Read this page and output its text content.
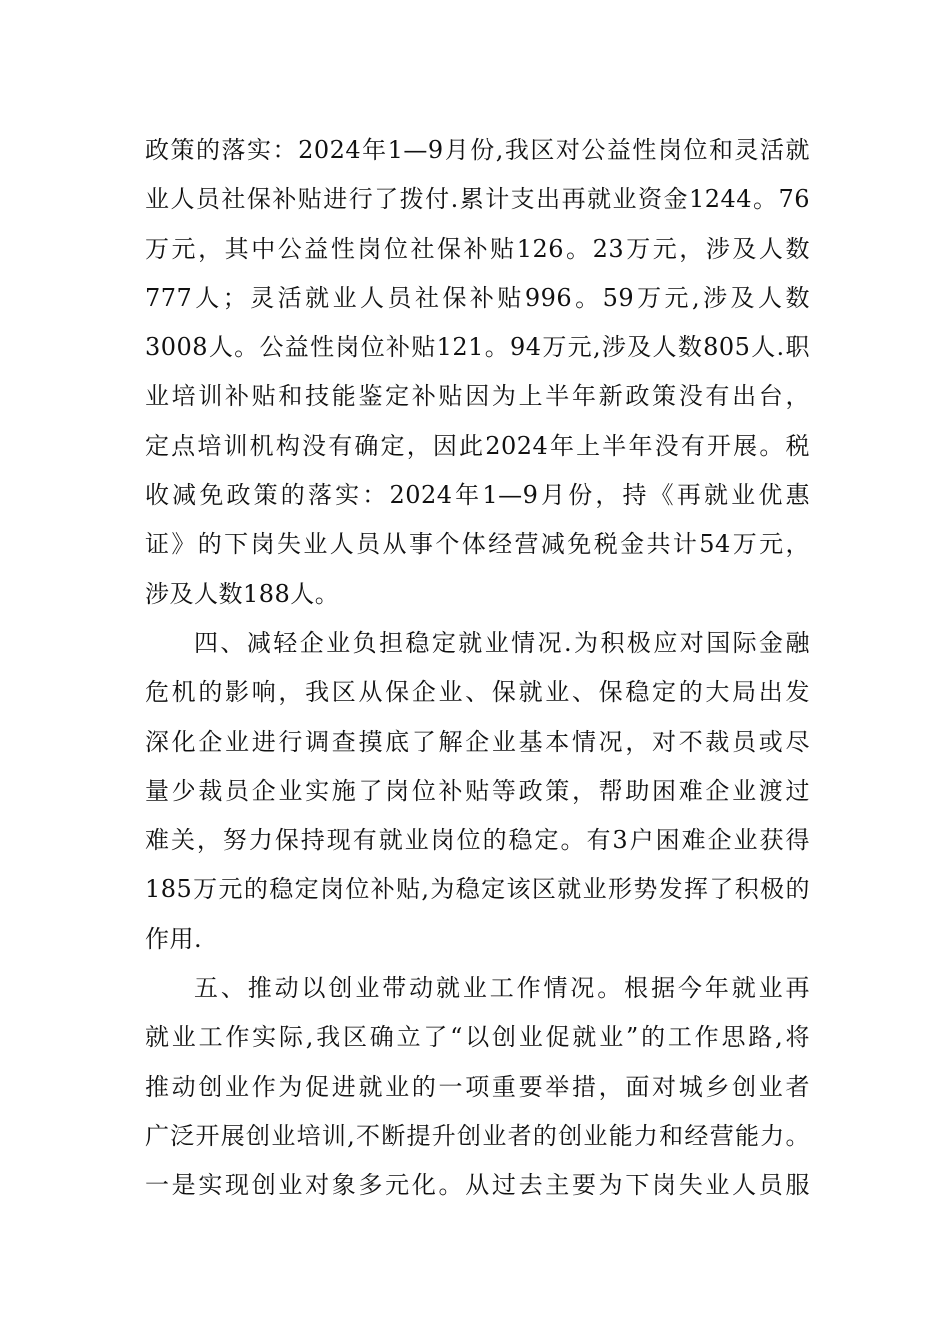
政策的落实：2024年1—9月份,我区对公益性岗位和灵活就
业人员社保补贴进行了拨付.累计支出再就业资金1244。76
万元，其中公益性岗位社保补贴126。23万元，涉及人数
777人；灵活就业人员社保补贴996。59万元,涉及人数
3008人。公益性岗位补贴121。94万元,涉及人数805人.职
业培训补贴和技能鉴定补贴因为上半年新政策没有出台，
定点培训机构没有确定，因此2024年上半年没有开展。税
收减免政策的落实：2024年1—9月份，持《再就业优惠
证》的下岗失业人员从事个体经营减免税金共计54万元，
涉及人数188人。
四、减轻企业负担稳定就业情况.为积极应对国际金融
危机的影响，我区从保企业、保就业、保稳定的大局出发
深化企业进行调查摸底了解企业基本情况，对不裁员或尽
量少裁员企业实施了岗位补贴等政策，帮助困难企业渡过
难关，努力保持现有就业岗位的稳定。有3户困难企业获得
185万元的稳定岗位补贴,为稳定该区就业形势发挥了积极的
作用.
五、推动以创业带动就业工作情况。根据今年就业再
就业工作实际,我区确立了“以创业促就业”的工作思路,将
推动创业作为促进就业的一项重要举措，面对城乡创业者
广泛开展创业培训,不断提升创业者的创业能力和经营能力。
一是实现创业对象多元化。从过去主要为下岗失业人员服
